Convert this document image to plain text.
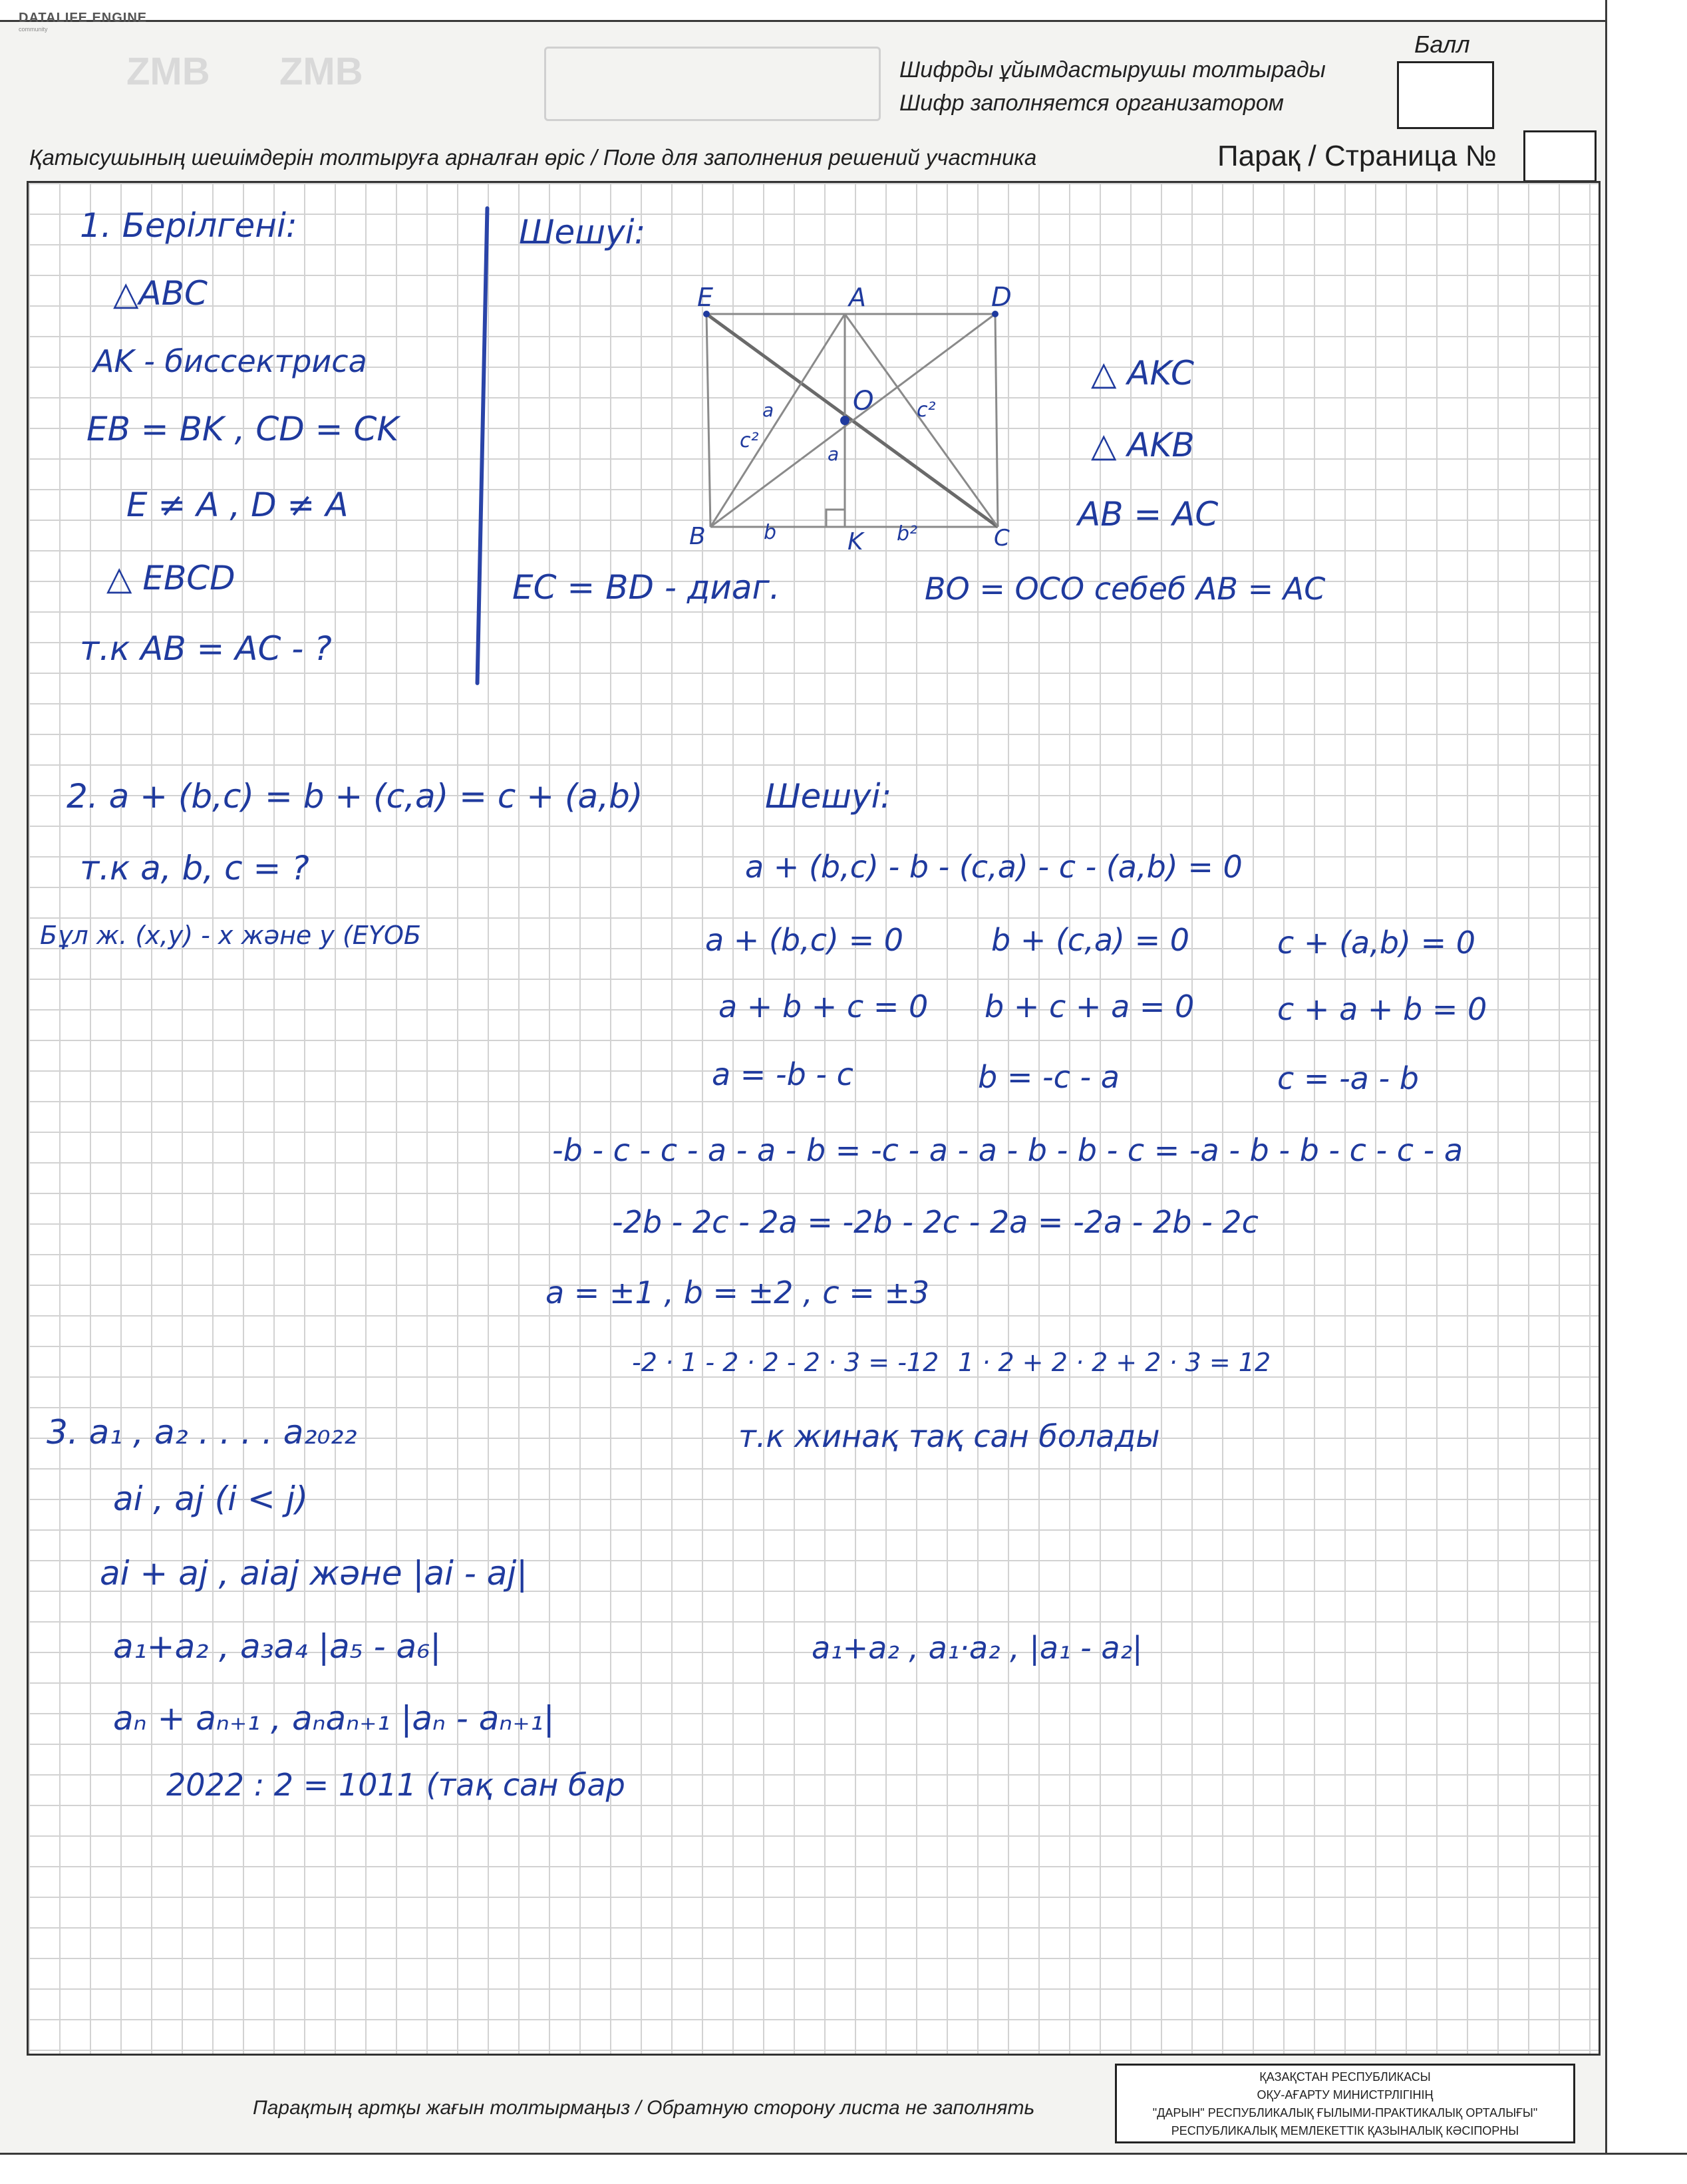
DATALIFE ENGINE
community
ZMB ZMB	Шифрды ұйымдастырушы толтырады
Шифр заполняется организатором
Балл
Қатысушының шешімдерін толтыруға арналған өріс / Поле для заполнения решений участника	Парақ / Страница №
1. Берілгені:
△ABC
AK - биссектриса
EB = BK , CD = CK
E ≠ A , D ≠ A
△ EBCD
т.к AB = AC - ?
Шешуі:
E	A	D
B	K	C
O
c²
a	c²
a
b	b²
△ AKC
△ AKB
AB = AC
EC = BD - диаг.	BO = OCO себеб AB = AC
2. a + (b,c) = b + (c,a) = c + (a,b)	Шешуі:
т.к a, b, c = ?	a + (b,c) - b - (c,a) - c - (a,b) = 0
Бұл ж. (x,y) - x және y (ЕҮОБ	a + (b,c) = 0	b + (c,a) = 0	c + (a,b) = 0
a + b + c = 0 b + c + a = 0	c + a + b = 0
a = -b - c	b = -c - a	c = -a - b
-b - c - c - a - a - b = -c - a - a - b - b - c = -a - b - b - c - c - a
-2b - 2c - 2a = -2b - 2c - 2a = -2a - 2b - 2c
a = ±1 , b = ±2 , c = ±3
-2 · 1 - 2 · 2 - 2 · 3 = -12 1 · 2 + 2 · 2 + 2 · 3 = 12
3. a₁ , a₂ . . . . a₂₀₂₂	т.к жинақ тақ сан болады
ai , aj (i < j)
ai + aj , aiaj және |ai - aj|
a₁+a₂ , a₃a₄ |a₅ - a₆|	a₁+a₂ , a₁·a₂ , |a₁ - a₂|
aₙ + aₙ₊₁ , aₙaₙ₊₁ |aₙ - aₙ₊₁|
2022 : 2 = 1011 (тақ сан бар
Парақтың артқы жағын толтырмаңыз / Обратную сторону листа не заполнять
ҚАЗАҚСТАН РЕСПУБЛИКАСЫ
ОҚУ-АҒАРТУ МИНИСТРЛІГІНІҢ
"ДАРЫН" РЕСПУБЛИКАЛЫҚ ҒЫЛЫМИ-ПРАКТИКАЛЫҚ ОРТАЛЫҒЫ"
РЕСПУБЛИКАЛЫҚ МЕМЛЕКЕТТІК ҚАЗЫНАЛЫҚ КӘСІПОРНЫ
